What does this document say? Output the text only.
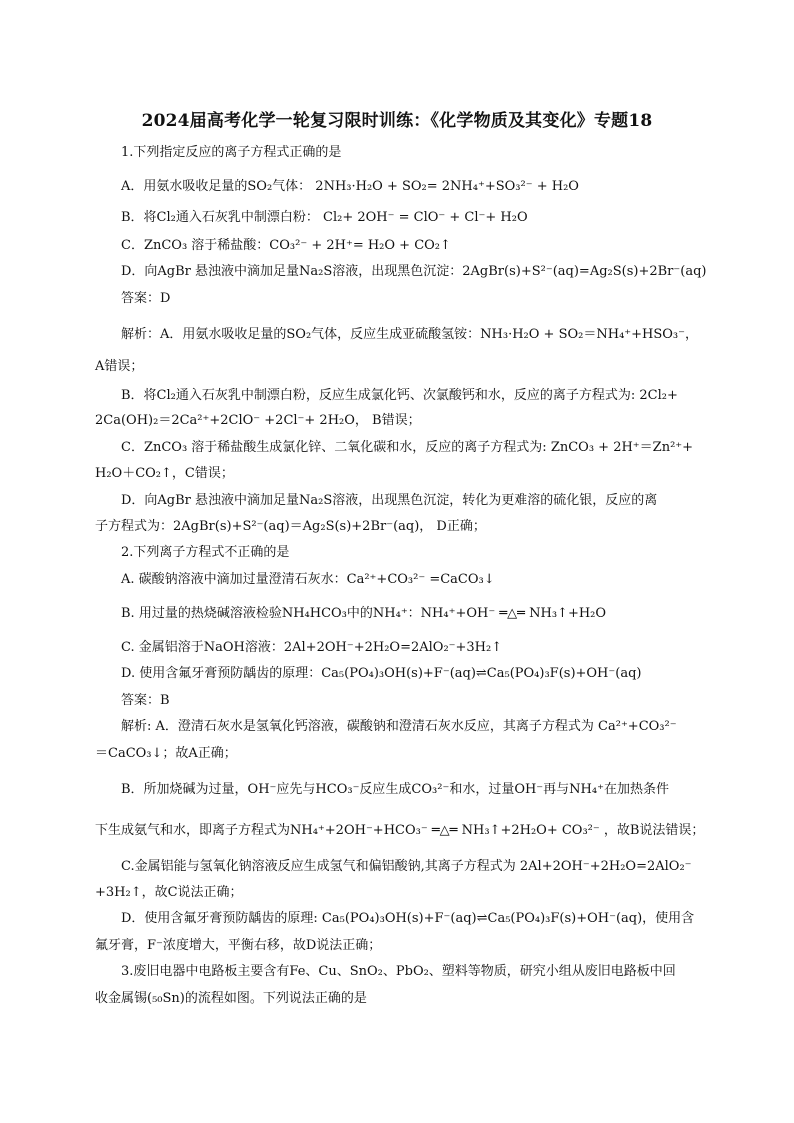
2024届高考化学一轮复习限时训练：《化学物质及其变化》专题18
1.下列指定反应的离子方程式正确的是
A．用氨水吸收足量的SO₂气体： 2NH₃·H₂O + SO₂= 2NH₄⁺+SO₃²⁻ + H₂O
B．将Cl₂通入石灰乳中制漂白粉： Cl₂+ 2OH⁻ = ClO⁻ + Cl⁻+ H₂O
C．ZnCO₃ 溶于稀盐酸：CO₃²⁻ + 2H⁺= H₂O + CO₂↑
D．向AgBr 悬浊液中滴加足量Na₂S溶液，出现黑色沉淀：2AgBr(s)+S²⁻(aq)=Ag₂S(s)+2Br⁻(aq)
答案：D
解析：A．用氨水吸收足量的SO₂气体，反应生成亚硫酸氢铵：NH₃·H₂O + SO₂＝NH₄⁺+HSO₃⁻，
A错误；
B．将Cl₂通入石灰乳中制漂白粉，反应生成氯化钙、次氯酸钙和水，反应的离子方程式为: 2Cl₂+
2Ca(OH)₂＝2Ca²⁺+2ClO⁻ +2Cl⁻+ 2H₂O， B错误；
C．ZnCO₃ 溶于稀盐酸生成氯化锌、二氧化碳和水，反应的离子方程式为: ZnCO₃ + 2H⁺＝Zn²⁺+
H₂O＋CO₂↑，C错误；
D．向AgBr 悬浊液中滴加足量Na₂S溶液，出现黑色沉淀，转化为更难溶的硫化银，反应的离
子方程式为：2AgBr(s)+S²⁻(aq)＝Ag₂S(s)+2Br⁻(aq)， D正确；
2.下列离子方程式不正确的是
A. 碳酸钠溶液中滴加过量澄清石灰水：Ca²⁺+CO₃²⁻ =CaCO₃↓
B. 用过量的热烧碱溶液检验NH₄HCO₃中的NH₄⁺：NH₄⁺+OH⁻ ═△═ NH₃↑+H₂O
C. 金属铝溶于NaOH溶液：2Al+2OH⁻+2H₂O=2AlO₂⁻+3H₂↑
D. 使用含氟牙膏预防龋齿的原理：Ca₅(PO₄)₃OH(s)+F⁻(aq)⇌Ca₅(PO₄)₃F(s)+OH⁻(aq)
答案：B
解析: A．澄清石灰水是氢氧化钙溶液，碳酸钠和澄清石灰水反应，其离子方程式为 Ca²⁺+CO₃²⁻
＝CaCO₃↓；故A正确；
B．所加烧碱为过量，OH⁻应先与HCO₃⁻反应生成CO₃²⁻和水，过量OH⁻再与NH₄⁺在加热条件
下生成氨气和水，即离子方程式为NH₄⁺+2OH⁻+HCO₃⁻ ═△═ NH₃↑+2H₂O+ CO₃²⁻ ，故B说法错误；
C.金属铝能与氢氧化钠溶液反应生成氢气和偏铝酸钠,其离子方程式为 2Al+2OH⁻+2H₂O=2AlO₂⁻
+3H₂↑，故C说法正确；
D．使用含氟牙膏预防龋齿的原理: Ca₅(PO₄)₃OH(s)+F⁻(aq)⇌Ca₅(PO₄)₃F(s)+OH⁻(aq)，使用含
氟牙膏，F⁻浓度增大，平衡右移，故D说法正确；
3.废旧电器中电路板主要含有Fe、Cu、SnO₂、PbO₂、塑料等物质，研究小组从废旧电路板中回
收金属锡(₅₀Sn)的流程如图。下列说法正确的是
